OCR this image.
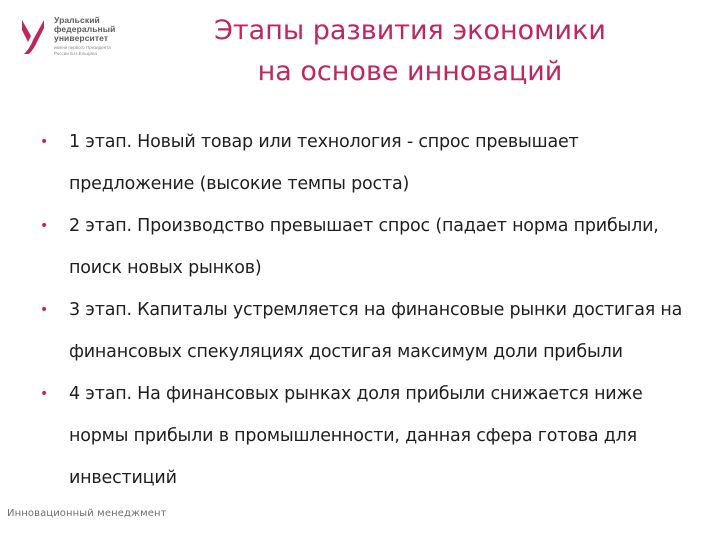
Уральский
федеральный
университет
имени первого Президента
России Б.Н.Ельцина
Этапы развития экономики
на основе инноваций
• 1 этап. Новый товар или технология - спрос превышает предложение (высокие темпы роста)
• 2 этап. Производство превышает спрос (падает норма прибыли, поиск новых рынков)
• 3 этап. Капиталы устремляется на финансовые рынки достигая на финансовых спекуляциях достигая максимум доли прибыли
• 4 этап. На финансовых рынках доля прибыли снижается ниже нормы прибыли в промышленности, данная сфера готова для инвестиций
Инновационный менеджмент
